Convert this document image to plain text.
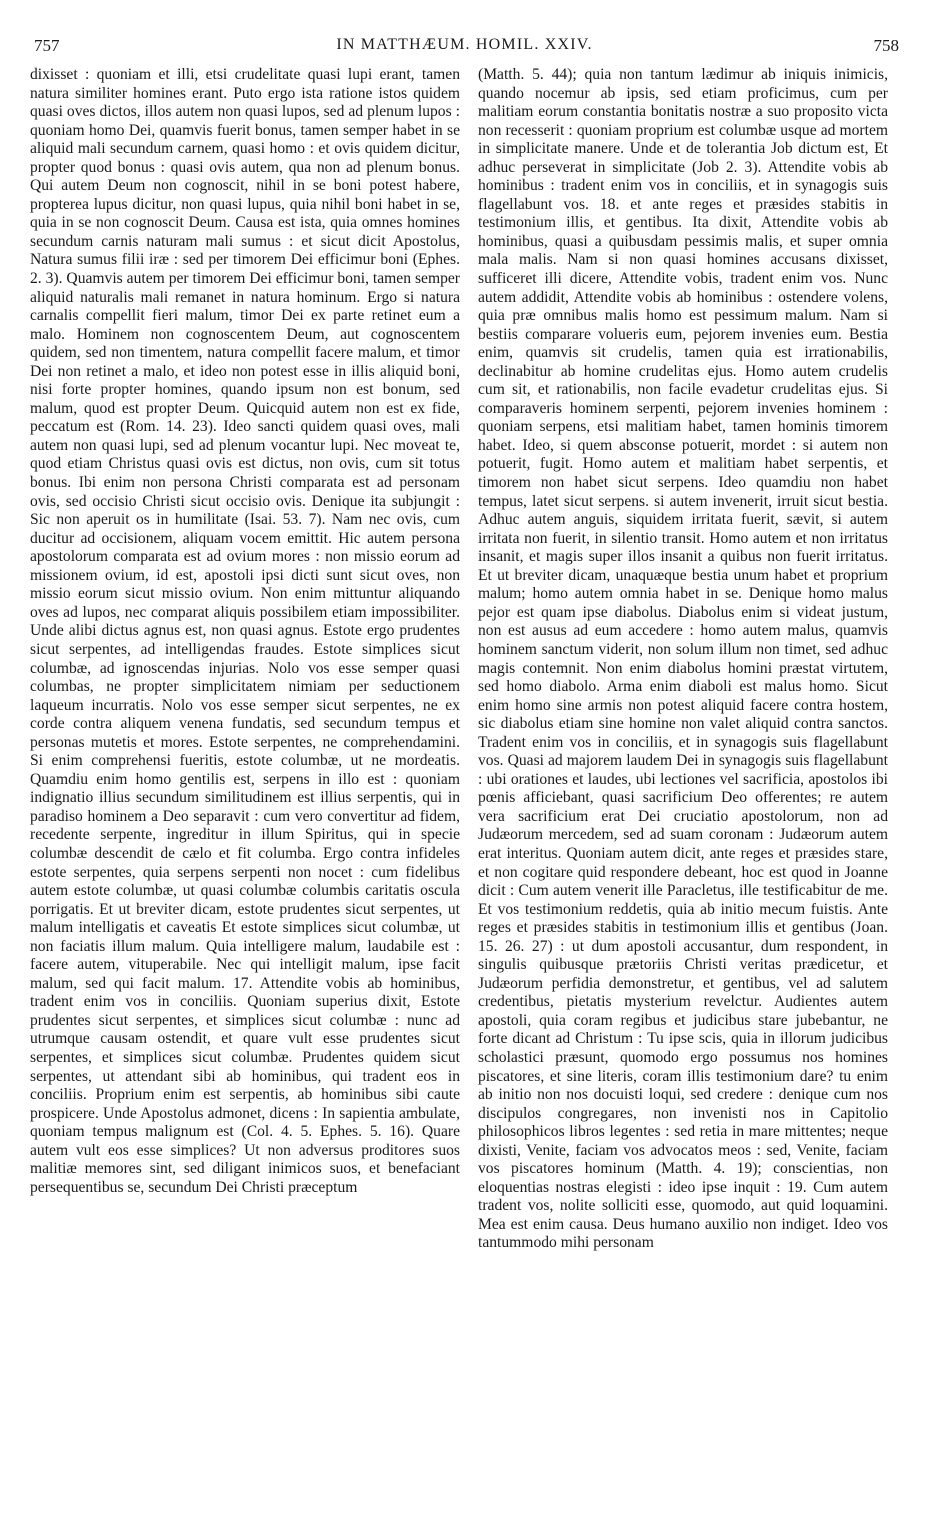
757	IN MATTHÆUM. HOMIL. XXIV.	758

dixisset : quoniam et illi, etsi crudelitate quasi lupi erant, tamen natura similiter homines erant. Puto ergo ista ratione istos quidem quasi oves dictos, illos autem non quasi lupos, sed ad plenum lupos : quoniam homo Dei, quamvis fuerit bonus, tamen semper habet in se aliquid mali secundum carnem, quasi homo : et ovis quidem dicitur, propter quod bonus : quasi ovis autem, qua non ad plenum bonus. Qui autem Deum non cognoscit, nihil in se boni potest habere, propterea lupus dicitur, non quasi lupus, quia nihil boni habet in se, quia in se non cognoscit Deum. Causa est ista, quia omnes homines secundum carnis naturam mali sumus : et sicut dicit Apostolus, Natura sumus filii iræ : sed per timorem Dei efficimur boni (Ephes. 2. 3). Quamvis autem per timorem Dei efficimur boni, tamen semper aliquid naturalis mali remanet in natura hominum. Ergo si natura carnalis compellit fieri malum, timor Dei ex parte retinet eum a malo. Hominem non cognoscentem Deum, aut cognoscentem quidem, sed non timentem, natura compellit facere malum, et timor Dei non retinet a malo, et ideo non potest esse in illis aliquid boni, nisi forte propter homines, quando ipsum non est bonum, sed malum, quod est propter Deum. Quicquid autem non est ex fide, peccatum est (Rom. 14. 23). Ideo sancti quidem quasi oves, mali autem non quasi lupi, sed ad plenum vocantur lupi. Nec moveat te, quod etiam Christus quasi ovis est dictus, non ovis, cum sit totus bonus. Ibi enim non persona Christi comparata est ad personam ovis, sed occisio Christi sicut occisio ovis. Denique ita subjungit : Sic non aperuit os in humilitate (Isai. 53. 7). Nam nec ovis, cum ducitur ad occisionem, aliquam vocem emittit. Hic autem persona apostolorum comparata est ad ovium mores : non missio eorum ad missionem ovium, id est, apostoli ipsi dicti sunt sicut oves, non missio eorum sicut missio ovium. Non enim mittuntur aliquando oves ad lupos, nec comparat aliquis possibilem etiam impossibiliter. Unde alibi dictus agnus est, non quasi agnus. Estote ergo prudentes sicut serpentes, ad intelligendas fraudes. Estote simplices sicut columbæ, ad ignoscendas injurias. Nolo vos esse semper quasi columbas, ne propter simplicitatem nimiam per seductionem laqueum incurratis. Nolo vos esse semper sicut serpentes, ne ex corde contra aliquem venena fundatis, sed secundum tempus et personas mutetis et mores. Estote serpentes, ne comprehendamini. Si enim comprehensi fueritis, estote columbæ, ut ne mordeatis. Quamdiu enim homo gentilis est, serpens in illo est : quoniam indignatio illius secundum similitudinem est illius serpentis, qui in paradiso hominem a Deo separavit : cum vero convertitur ad fidem, recedente serpente, ingreditur in illum Spiritus, qui in specie columbæ descendit de cælo et fit columba. Ergo contra infideles estote serpentes, quia serpens serpenti non nocet : cum fidelibus autem estote columbæ, ut quasi columbæ columbis caritatis oscula porrigatis. Et ut breviter dicam, estote prudentes sicut serpentes, ut malum intelligatis et caveatis Et estote simplices sicut columbæ, ut non faciatis illum malum. Quia intelligere malum, laudabile est : facere autem, vituperabile. Nec qui intelligit malum, ipse facit malum, sed qui facit malum. 17. Attendite vobis ab hominibus, tradent enim vos in conciliis. Quoniam superius dixit, Estote prudentes sicut serpentes, et simplices sicut columbæ : nunc ad utrumque causam ostendit, et quare vult esse prudentes sicut serpentes, et simplices sicut columbæ. Prudentes quidem sicut serpentes, ut attendant sibi ab hominibus, qui tradent eos in conciliis. Proprium enim est serpentis, ab hominibus sibi caute prospicere. Unde Apostolus admonet, dicens : In sapientia ambulate, quoniam tempus malignum est (Col. 4. 5. Ephes. 5. 16). Quare autem vult eos esse simplices? Ut non adversus proditores suos malitiæ memores sint, sed diligant inimicos suos, et benefaciant persequentibus se, secundum Dei Christi præceptum

(Matth. 5. 44); quia non tantum lædimur ab iniquis inimicis, quando nocemur ab ipsis, sed etiam proficimus, cum per malitiam eorum constantia bonitatis nostræ a suo proposito victa non recesserit : quoniam proprium est columbæ usque ad mortem in simplicitate manere. Unde et de tolerantia Job dictum est, Et adhuc perseverat in simplicitate (Job 2. 3). Attendite vobis ab hominibus : tradent enim vos in conciliis, et in synagogis suis flagellabunt vos. 18. et ante reges et præsides stabitis in testimonium illis, et gentibus. Ita dixit, Attendite vobis ab hominibus, quasi a quibusdam pessimis malis, et super omnia mala malis. Nam si non quasi homines accusans dixisset, sufficeret illi dicere, Attendite vobis, tradent enim vos. Nunc autem addidit, Attendite vobis ab hominibus : ostendere volens, quia præ omnibus malis homo est pessimum malum. Nam si bestiis comparare volueris eum, pejorem invenies eum. Bestia enim, quamvis sit crudelis, tamen quia est irrationabilis, declinabitur ab homine crudelitas ejus. Homo autem crudelis cum sit, et rationabilis, non facile evadetur crudelitas ejus. Si comparaveris hominem serpenti, pejorem invenies hominem : quoniam serpens, etsi malitiam habet, tamen hominis timorem habet. Ideo, si quem absconse potuerit, mordet : si autem non potuerit, fugit. Homo autem et malitiam habet serpentis, et timorem non habet sicut serpens. Ideo quamdiu non habet tempus, latet sicut serpens. si autem invenerit, irruit sicut bestia. Adhuc autem anguis, siquidem irritata fuerit, sævit, si autem irritata non fuerit, in silentio transit. Homo autem et non irritatus insanit, et magis super illos insanit a quibus non fuerit irritatus. Et ut breviter dicam, unaquæque bestia unum habet et proprium malum; homo autem omnia habet in se. Denique homo malus pejor est quam ipse diabolus. Diabolus enim si videat justum, non est ausus ad eum accedere : homo autem malus, quamvis hominem sanctum viderit, non solum illum non timet, sed adhuc magis contemnit. Non enim diabolus homini præstat virtutem, sed homo diabolo. Arma enim diaboli est malus homo. Sicut enim homo sine armis non potest aliquid facere contra hostem, sic diabolus etiam sine homine non valet aliquid contra sanctos. Tradent enim vos in conciliis, et in synagogis suis flagellabunt vos. Quasi ad majorem laudem Dei in synagogis suis flagellabunt : ubi orationes et laudes, ubi lectiones vel sacrificia, apostolos ibi pœnis afficiebant, quasi sacrificium Deo offerentes; re autem vera sacrificium erat Dei cruciatio apostolorum, non ad Judæorum mercedem, sed ad suam coronam : Judæorum autem erat interitus. Quoniam autem dicit, ante reges et præsides stare, et non cogitare quid respondere debeant, hoc est quod in Joanne dicit : Cum autem venerit ille Paracletus, ille testificabitur de me. Et vos testimonium reddetis, quia ab initio mecum fuistis. Ante reges et præsides stabitis in testimonium illis et gentibus (Joan. 15. 26. 27) : ut dum apostoli accusantur, dum respondent, in singulis quibusque prætoriis Christi veritas prædicetur, et Judæorum perfidia demonstretur, et gentibus, vel ad salutem credentibus, pietatis mysterium revelctur. Audientes autem apostoli, quia coram regibus et judicibus stare jubebantur, ne forte dicant ad Christum : Tu ipse scis, quia in illorum judicibus scholastici præsunt, quomodo ergo possumus nos homines piscatores, et sine literis, coram illis testimonium dare? tu enim ab initio non nos docuisti loqui, sed credere : denique cum nos discipulos congregares, non invenisti nos in Capitolio philosophicos libros legentes : sed retia in mare mittentes; neque dixisti, Venite, faciam vos advocatos meos : sed, Venite, faciam vos piscatores hominum (Matth. 4. 19); conscientias, non eloquentias nostras elegisti : ideo ipse inquit : 19. Cum autem tradent vos, nolite solliciti esse, quomodo, aut quid loquamini. Mea est enim causa. Deus humano auxilio non indiget. Ideo vos tantummodo mihi personam
